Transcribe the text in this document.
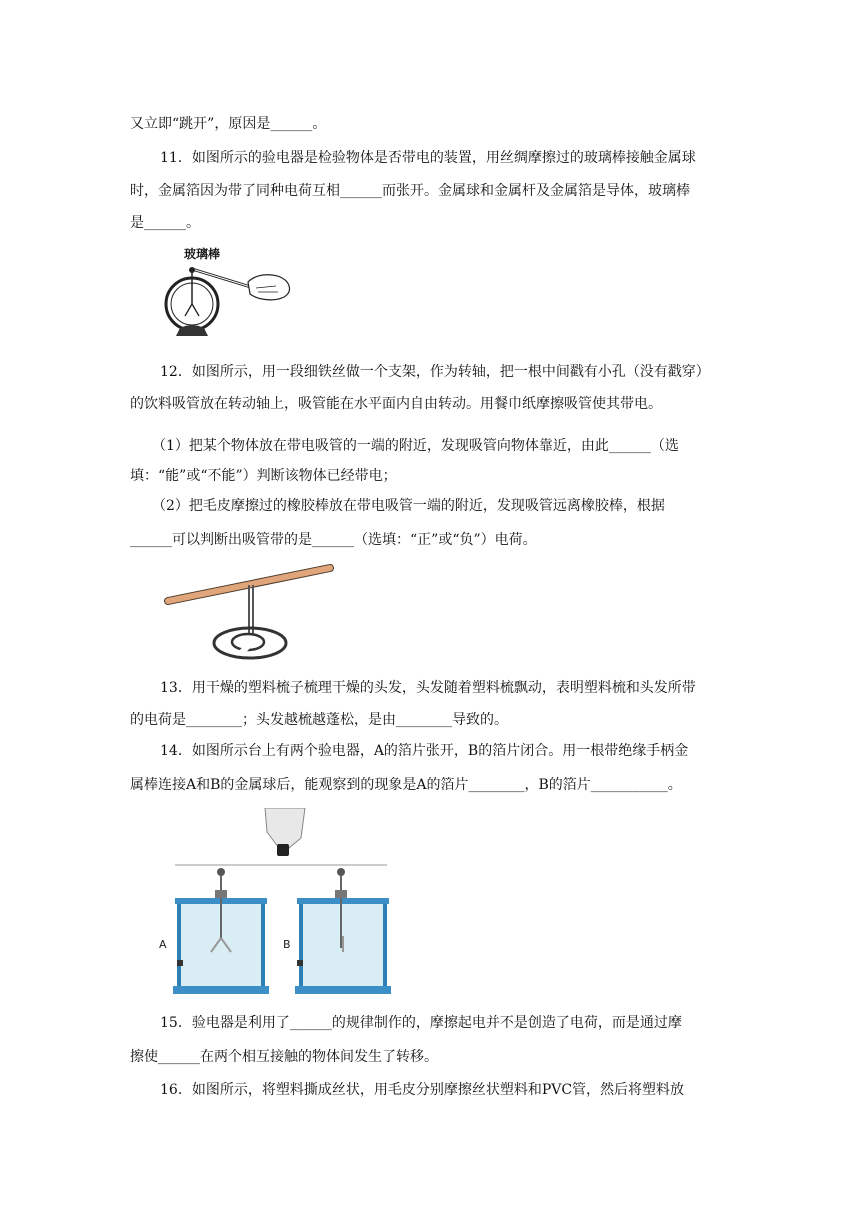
又立即“跳开”，原因是______。
11．如图所示的验电器是检验物体是否带电的装置，用丝绸摩擦过的玻璃棒接触金属球
时，金属箔因为带了同种电荷互相______而张开。金属球和金属杆及金属箔是导体，玻璃棒
是______。
玻璃棒
12．如图所示，用一段细铁丝做一个支架，作为转轴，把一根中间戳有小孔（没有戳穿）
的饮料吸管放在转动轴上，吸管能在水平面内自由转动。用餐巾纸摩擦吸管使其带电。
（1）把某个物体放在带电吸管的一端的附近，发现吸管向物体靠近，由此______（选
填：“能”或“不能”）判断该物体已经带电；
（2）把毛皮摩擦过的橡胶棒放在带电吸管一端的附近，发现吸管远离橡胶棒，根据
______可以判断出吸管带的是______（选填：“正”或“负”）电荷。
13．用干燥的塑料梳子梳理干燥的头发，头发随着塑料梳飘动，表明塑料梳和头发所带
的电荷是________；头发越梳越蓬松，是由________导致的。
14．如图所示台上有两个验电器，A的箔片张开，B的箔片闭合。用一根带绝缘手柄金
属棒连接A和B的金属球后，能观察到的现象是A的箔片________，B的箔片___________。
A	B
15．验电器是利用了______的规律制作的，摩擦起电并不是创造了电荷，而是通过摩
擦使______在两个相互接触的物体间发生了转移。
16．如图所示，将塑料撕成丝状，用毛皮分别摩擦丝状塑料和PVC管，然后将塑料放
